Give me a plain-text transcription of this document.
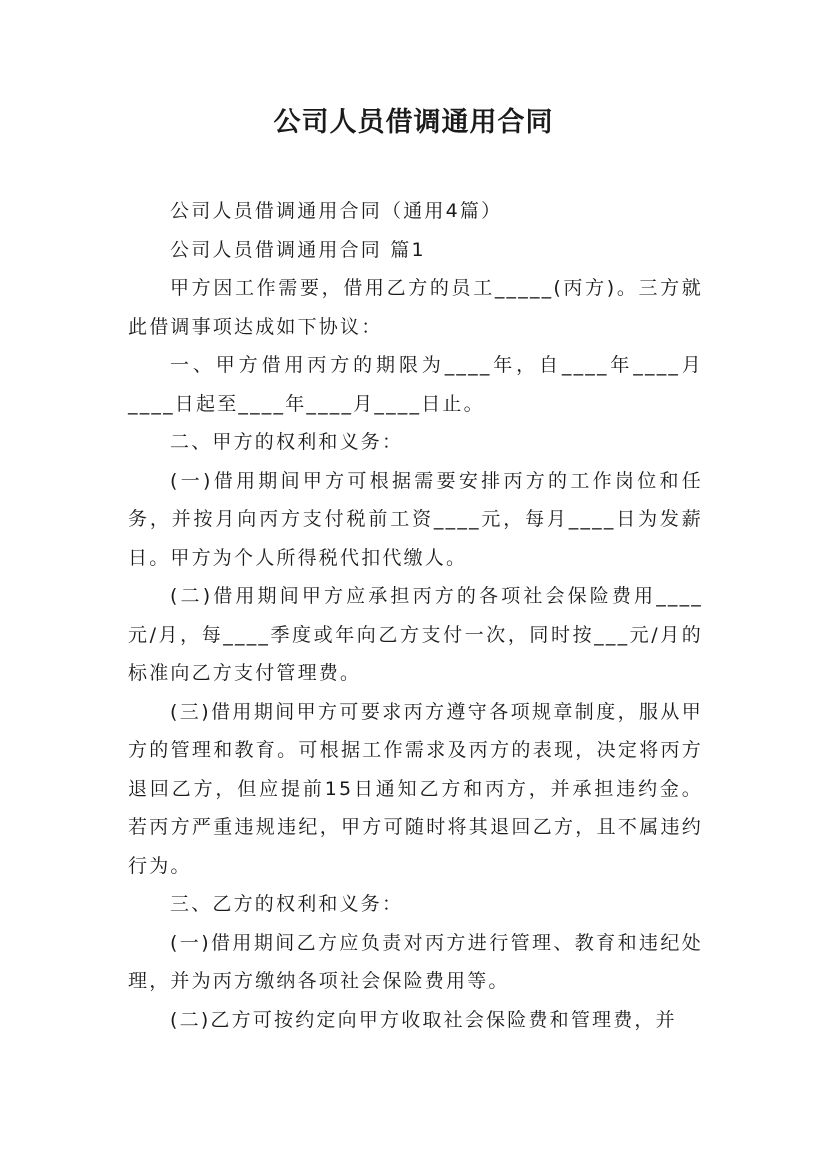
公司人员借调通用合同

公司人员借调通用合同（通用4篇）

公司人员借调通用合同 篇1

甲方因工作需要，借用乙方的员工_____(丙方)。三方就此借调事项达成如下协议：

一、甲方借用丙方的期限为____年，自____年____月____日起至____年____月____日止。

二、甲方的权利和义务：

(一)借用期间甲方可根据需要安排丙方的工作岗位和任务，并按月向丙方支付税前工资____元，每月____日为发薪日。甲方为个人所得税代扣代缴人。

(二)借用期间甲方应承担丙方的各项社会保险费用____元/月，每____季度或年向乙方支付一次，同时按___元/月的标准向乙方支付管理费。

(三)借用期间甲方可要求丙方遵守各项规章制度，服从甲方的管理和教育。可根据工作需求及丙方的表现，决定将丙方退回乙方，但应提前15日通知乙方和丙方，并承担违约金。若丙方严重违规违纪，甲方可随时将其退回乙方，且不属违约行为。

三、乙方的权利和义务：

(一)借用期间乙方应负责对丙方进行管理、教育和违纪处理，并为丙方缴纳各项社会保险费用等。

(二)乙方可按约定向甲方收取社会保险费和管理费，并
